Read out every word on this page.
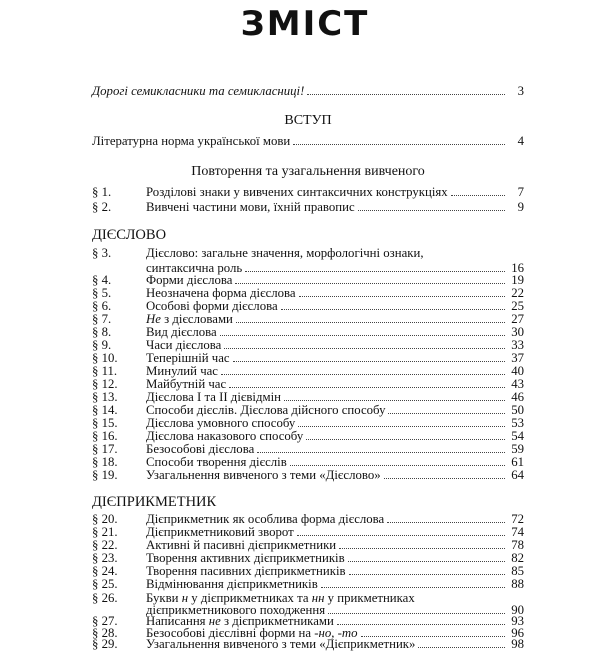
ЗМІСТ
Дорогі семикласники та семикласниці!	3
ВСТУП
Літературна норма української мови	4
Повторення та узагальнення вивченого
§ 1.	Розділові знаки у вивчених синтаксичних конструкціях	7
§ 2.	Вивчені частини мови, їхній правопис	9
ДІЄСЛОВО
§ 3.	Дієслово: загальне значення, морфологічні ознаки,
синтаксична роль	16
§ 4.	Форми дієслова	19
§ 5.	Неозначена форма дієслова	22
§ 6.	Особові форми дієслова	25
§ 7.	Не з дієсловами	27
§ 8.	Вид дієслова	30
§ 9.	Часи дієслова	33
§ 10.	Теперішній час	37
§ 11.	Минулий час	40
§ 12.	Майбутній час	43
§ 13.	Дієслова І та ІІ дієвідмін	46
§ 14.	Способи дієслів. Дієслова дійсного способу	50
§ 15.	Дієслова умовного способу	53
§ 16.	Дієслова наказового способу	54
§ 17.	Безособові дієслова	59
§ 18.	Способи творення дієслів	61
§ 19.	Узагальнення вивченого з теми «Дієслово»	64
ДІЄПРИКМЕТНИК
§ 20.	Дієприкметник як особлива форма дієслова	72
§ 21.	Дієприкметниковий зворот	74
§ 22.	Активні й пасивні дієприкметники	78
§ 23.	Творення активних дієприкметників	82
§ 24.	Творення пасивних дієприкметників	85
§ 25.	Відмінювання дієприкметників	88
§ 26.	Букви н у дієприкметниках та нн у прикметниках
дієприкметникового походження	90
§ 27.	Написання не з дієприкметниками	93
§ 28.	Безособові дієслівні форми на -но, -то	96
§ 29.	Узагальнення вивченого з теми «Дієприкметник»	98
